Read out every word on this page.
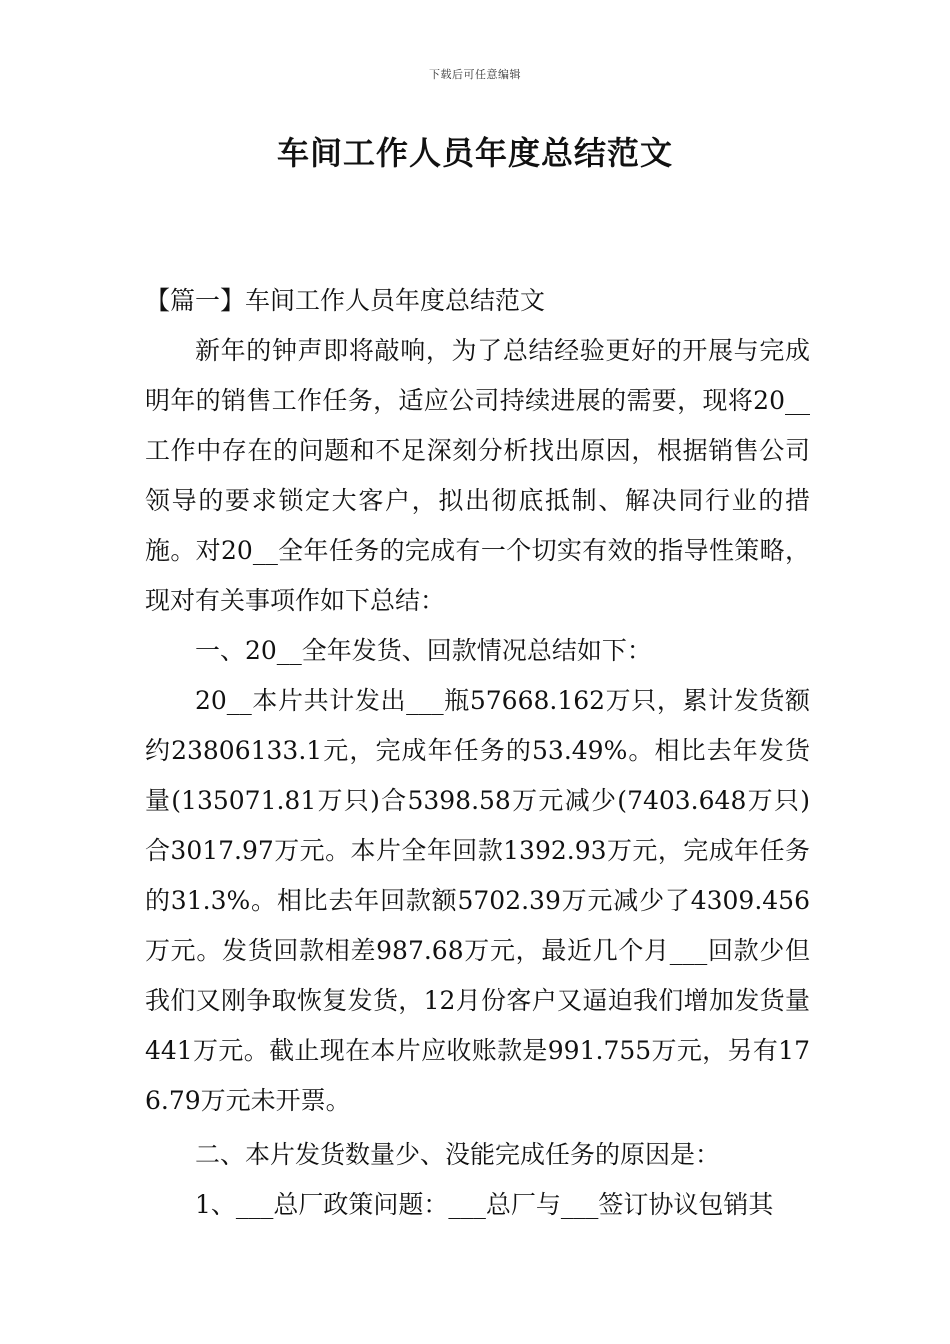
下载后可任意编辑
车间工作人员年度总结范文

【篇一】车间工作人员年度总结范文

新年的钟声即将敲响，为了总结经验更好的开展与完成明年的销售工作任务，适应公司持续进展的需要，现将20__工作中存在的问题和不足深刻分析找出原因，根据销售公司领导的要求锁定大客户，拟出彻底抵制、解决同行业的措施。对20__全年任务的完成有一个切实有效的指导性策略，现对有关事项作如下总结：

一、20__全年发货、回款情况总结如下：

20__本片共计发出___瓶57668.162万只，累计发货额约23806133.1元，完成年任务的53.49%。相比去年发货量(135071.81万只)合5398.58万元减少(7403.648万只)合3017.97万元。本片全年回款1392.93万元，完成年任务的31.3%。相比去年回款额5702.39万元减少了4309.456万元。发货回款相差987.68万元，最近几个月___回款少但我们又刚争取恢复发货，12月份客户又逼迫我们增加发货量441万元。截止现在本片应收账款是991.755万元，另有176.79万元未开票。

二、本片发货数量少、没能完成任务的原因是：

1、___总厂政策问题：___总厂与___签订协议包销其
